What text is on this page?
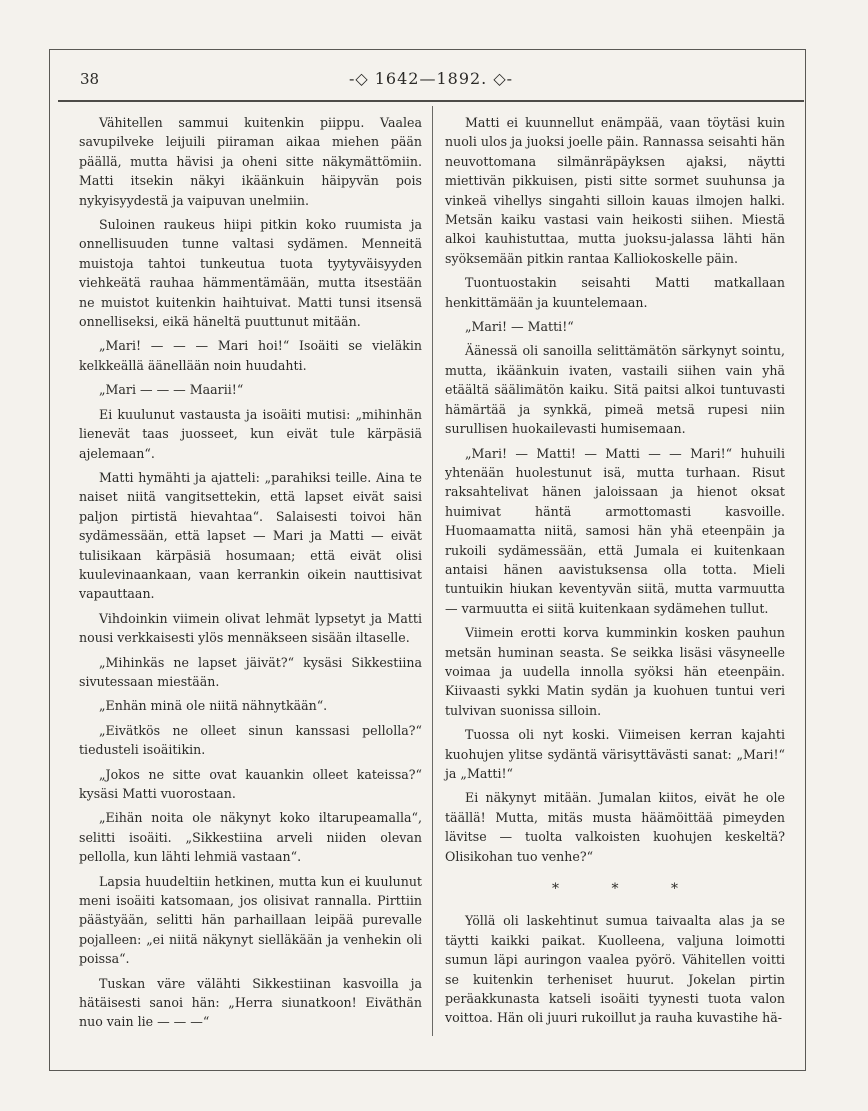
38	-◇ 1642—1892. ◇-

Vähitellen sammui kuitenkin piippu. Vaalea savupilveke leijuili piiraman aikaa miehen pään päällä, mutta hävisi ja oheni sitte näkymättömiin. Matti itsekin näkyi ikäänkuin häipyvän pois nykyisyydestä ja vaipuvan unelmiin.

Suloinen raukeus hiipi pitkin koko ruumista ja onnellisuuden tunne valtasi sydämen. Menneitä muistoja tahtoi tunkeutua tuota tyytyväisyyden viehkeätä rauhaa hämmentämään, mutta itsestään ne muistot kuitenkin haihtuivat. Matti tunsi itsensä onnelliseksi, eikä häneltä puuttunut mitään.

„Mari! — — — Mari hoi!“ Isoäiti se vieläkin kelkkeällä äänellään noin huudahti.

„Mari — — — Maarii!“

Ei kuulunut vastausta ja isoäiti mutisi: „mihinhän lienevät taas juosseet, kun eivät tule kärpäsiä ajelemaan“.

Matti hymähti ja ajatteli: „parahiksi teille. Aina te naiset niitä vangitsettekin, että lapset eivät saisi paljon pirtistä hievahtaa“. Salaisesti toivoi hän sydämessään, että lapset — Mari ja Matti — eivät tulisikaan kärpäsiä hosumaan; että eivät olisi kuulevinaankaan, vaan kerrankin oikein nauttisivat vapauttaan.

Vihdoinkin viimein olivat lehmät lypsetyt ja Matti nousi verkkaisesti ylös mennäkseen sisään iltaselle.

„Mihinkäs ne lapset jäivät?“ kysäsi Sikkestiina sivutessaan miestään.

„Enhän minä ole niitä nähnytkään“.

„Eivätkös ne olleet sinun kanssasi pellolla?“ tiedusteli isoäitikin.

„Jokos ne sitte ovat kauankin olleet kateissa?“ kysäsi Matti vuorostaan.

„Eihän noita ole näkynyt koko iltarupeamalla“, selitti isoäiti. „Sikkestiina arveli niiden olevan pellolla, kun lähti lehmiä vastaan“.

Lapsia huudeltiin hetkinen, mutta kun ei kuulunut meni isoäiti katsomaan, jos olisivat rannalla. Pirttiin päästyään, selitti hän parhaillaan leipää purevalle pojalleen: „ei niitä näkynyt sielläkään ja venhekin oli poissa“.

Tuskan väre välähti Sikkestiinan kasvoilla ja hätäisesti sanoi hän: „Herra siunatkoon! Eiväthän nuo vain lie — — —“

Matti ei kuunnellut enämpää, vaan töytäsi kuin nuoli ulos ja juoksi joelle päin. Rannassa seisahti hän neuvottomana silmänräpäyksen ajaksi, näytti miettivän pikkuisen, pisti sitte sormet suuhunsa ja vinkeä vihellys singahti silloin kauas ilmojen halki. Metsän kaiku vastasi vain heikosti siihen. Miestä alkoi kauhistuttaa, mutta juoksu-jalassa lähti hän syöksemään pitkin rantaa Kalliokoskelle päin.

Tuontuostakin seisahti Matti matkallaan henkittämään ja kuuntelemaan.

„Mari! — Matti!“

Äänessä oli sanoilla selittämätön särkynyt sointu, mutta, ikäänkuin ivaten, vastaili siihen vain yhä etäältä säälimätön kaiku. Sitä paitsi alkoi tuntuvasti hämärtää ja synkkä, pimeä metsä rupesi niin surullisen huokailevasti humisemaan.

„Mari! — Matti! — Matti — — Mari!“ huhuili yhtenään huolestunut isä, mutta turhaan. Risut raksahtelivat hänen jaloissaan ja hienot oksat huimivat häntä armottomasti kasvoille. Huomaamatta niitä, samosi hän yhä eteenpäin ja rukoili sydämessään, että Jumala ei kuitenkaan antaisi hänen aavistuksensa olla totta. Mieli tuntuikin hiukan keventyvän siitä, mutta varmuutta — varmuutta ei siitä kuitenkaan sydämehen tullut.

Viimein erotti korva kumminkin kosken pauhun metsän huminan seasta. Se seikka lisäsi väsyneelle voimaa ja uudella innolla syöksi hän eteenpäin. Kiivaasti sykki Matin sydän ja kuohuen tuntui veri tulvivan suonissa silloin.

Tuossa oli nyt koski. Viimeisen kerran kajahti kuohujen ylitse sydäntä värisyttävästi sanat: „Mari!“ ja „Matti!“

Ei näkynyt mitään. Jumalan kiitos, eivät he ole täällä! Mutta, mitäs musta häämöittää pimeyden lävitse — tuolta valkoisten kuohujen keskeltä? Olisikohan tuo venhe?“

* * *

Yöllä oli laskehtinut sumua taivaalta alas ja se täytti kaikki paikat. Kuolleena, valjuna loimotti sumun läpi auringon vaalea pyörö. Vähitellen voitti se kuitenkin terheniset huurut. Jokelan pirtin peräakkunasta katseli isoäiti tyynesti tuota valon voittoa. Hän oli juuri rukoillut ja rauha kuvastihe hä-
